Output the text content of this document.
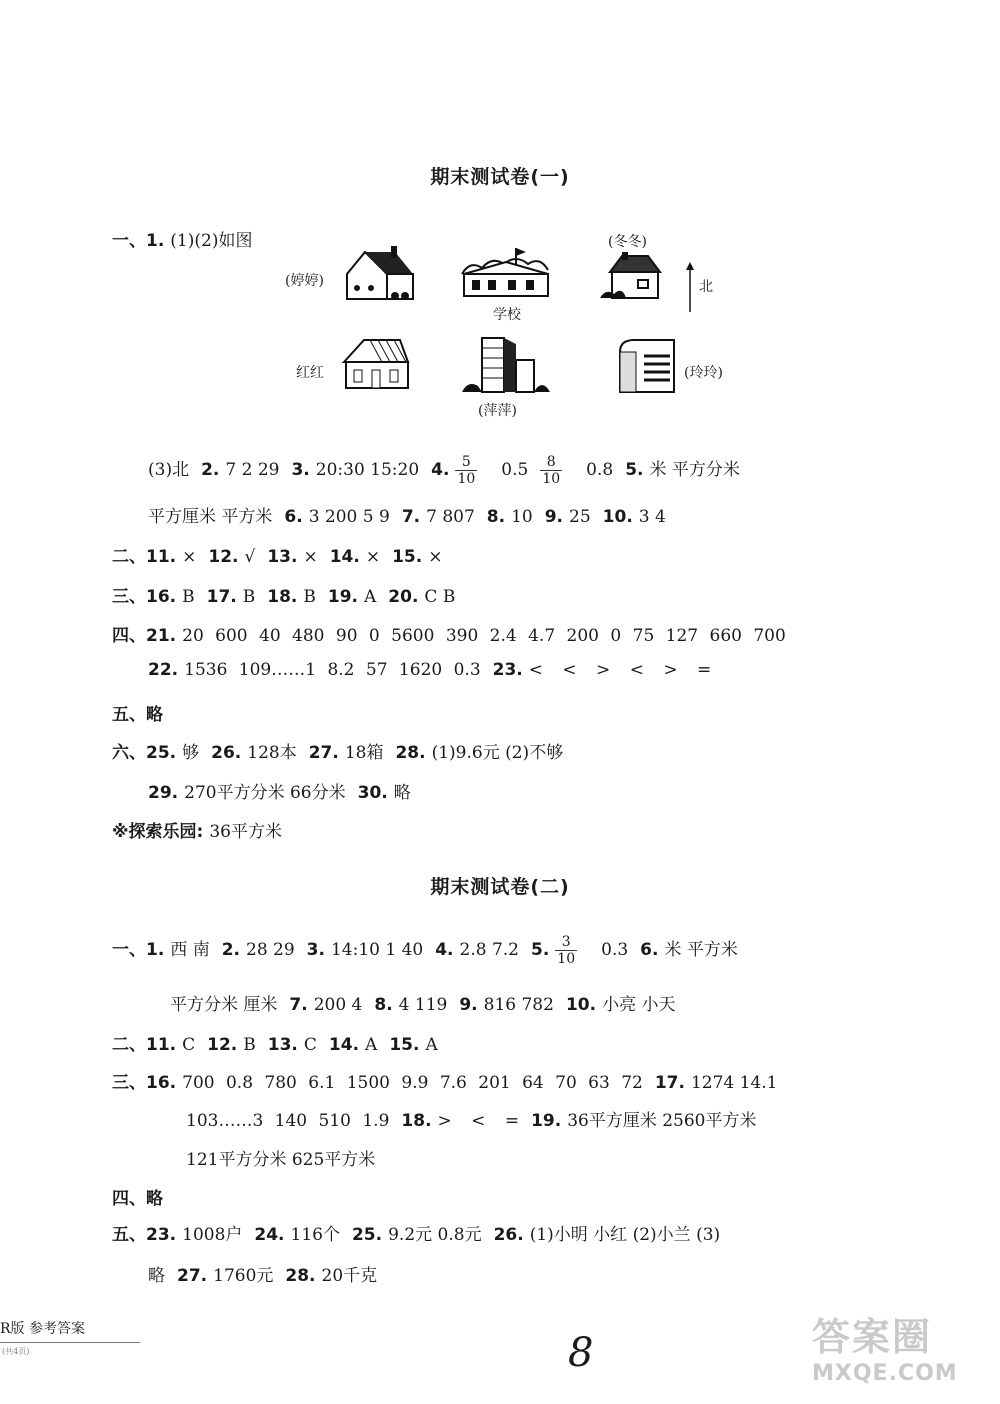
期末测试卷(一)
一、1. (1)(2)如图
(婷婷)
学校
(冬冬)
北
红红
(萍萍)
(玲玲)
(3)北 2. 7 2 29 3. 20:30 15:20 4. $\frac{5}{10} 0.5 \frac{8}{10} 0.8$ 5. 米 平方分米
平方厘米 平方米 6. 3 200 5 9 7. 7 807 8. 10 9. 25 10. 3 4
二、11. × 12. √ 13. × 14. × 15. ×
三、16. B 17. B 18. B 19. A 20. C B
四、21. 20 600 40 480 90 0 5600 390 2.4 4.7 200 0 75 127 660 700
22. 1536 109……1 8.2 57 1620 0.3 23. < < > < > =
五、略
六、25. 够 26. 128本 27. 18箱 28. (1)9.6元 (2)不够
29. 270平方分米 66分米 30. 略
※探索乐园: 36平方米
期末测试卷(二)
一、1. 西 南 2. 28 29 3. 14:10 1 40 4. 2.8 7.2 5. $\frac{3}{10} 0.3$ 6. 米 平方米
平方分米 厘米 7. 200 4 8. 4 119 9. 816 782 10. 小亮 小天
二、11. C 12. B 13. C 14. A 15. A
三、16. 700 0.8 780 6.1 1500 9.9 7.6 201 64 70 63 72 17. 1274 14.1
103……3 140 510 1.9 18. > < = 19. 36平方厘米 2560平方米
121平方分米 625平方米
四、略
五、23. 1008户 24. 116个 25. 9.2元 0.8元 26. (1)小明 小红 (2)小兰 (3)
略 27. 1760元 28. 20千克
R版 参考答案
(共4页)	8	答案圈
MXQE.COM
